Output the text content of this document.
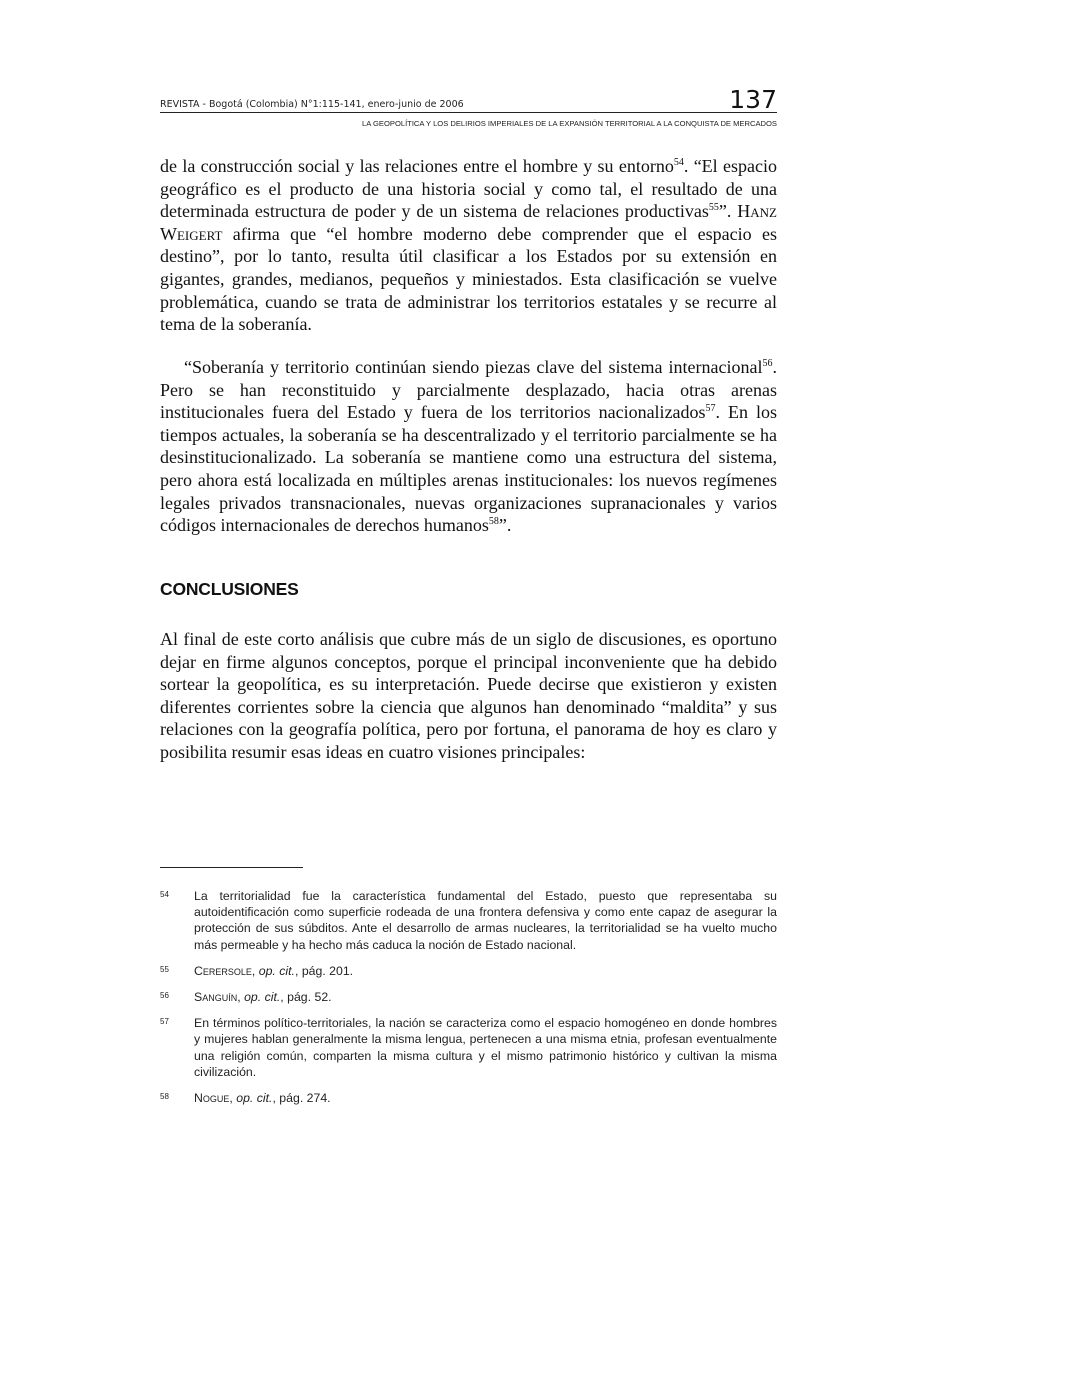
REVISTA - Bogotá (Colombia) N°1:115-141, enero-junio de 2006	137
LA GEOPOLÍTICA Y LOS DELIRIOS IMPERIALES DE LA EXPANSIÓN TERRITORIAL A LA CONQUISTA DE MERCADOS

de la construcción social y las relaciones entre el hombre y su entorno$^{54}$. “El espacio geográfico es el producto de una historia social y como tal, el resultado de una determinada estructura de poder y de un sistema de relaciones productivas$^{55}$”. Hanz Weigert afirma que “el hombre moderno debe comprender que el espacio es destino”, por lo tanto, resulta útil clasificar a los Estados por su extensión en gigantes, grandes, medianos, pequeños y miniestados. Esta clasificación se vuelve problemática, cuando se trata de administrar los territorios estatales y se recurre al tema de la soberanía.

“Soberanía y territorio continúan siendo piezas clave del sistema internacional$^{56}$. Pero se han reconstituido y parcialmente desplazado, hacia otras arenas institucionales fuera del Estado y fuera de los territorios nacionalizados$^{57}$. En los tiempos actuales, la soberanía se ha descentralizado y el territorio parcialmente se ha desinstitucionalizado. La soberanía se mantiene como una estructura del sistema, pero ahora está localizada en múltiples arenas institucionales: los nuevos regímenes legales privados transnacionales, nuevas organizaciones supranacionales y varios códigos internacionales de derechos humanos$^{58}$”.

CONCLUSIONES

Al final de este corto análisis que cubre más de un siglo de discusiones, es oportuno dejar en firme algunos conceptos, porque el principal inconveniente que ha debido sortear la geopolítica, es su interpretación. Puede decirse que existieron y existen diferentes corrientes sobre la ciencia que algunos han denominado “maldita” y sus relaciones con la geografía política, pero por fortuna, el panorama de hoy es claro y posibilita resumir esas ideas en cuatro visiones principales:

54	La territorialidad fue la característica fundamental del Estado, puesto que representaba su autoidentificación como superficie rodeada de una frontera defensiva y como ente capaz de asegurar la protección de sus súbditos. Ante el desarrollo de armas nucleares, la territorialidad se ha vuelto mucho más permeable y ha hecho más caduca la noción de Estado nacional.

55	Cerersole, op. cit., pág. 201.

56	Sanguín, op. cit., pág. 52.

57	En términos político-territoriales, la nación se caracteriza como el espacio homogéneo en donde hombres y mujeres hablan generalmente la misma lengua, pertenecen a una misma etnia, profesan eventualmente una religión común, comparten la misma cultura y el mismo patrimonio histórico y cultivan la misma civilización.

58	Nogue, op. cit., pág. 274.
